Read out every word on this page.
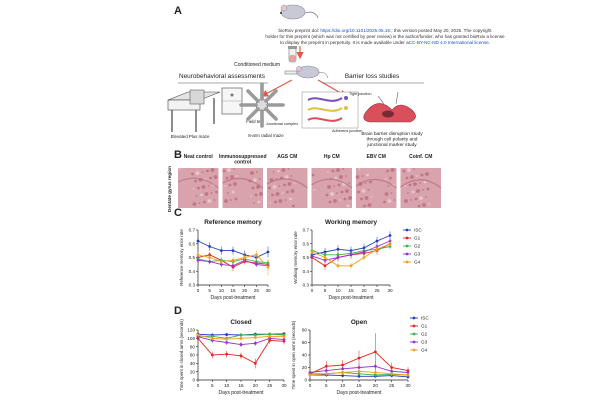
A
bioRxiv preprint doi: https://doi.org/10.1101/2025.05.19.; this version posted May 20, 2025. The copyright
holder for this preprint (which was not certified by peer review) is the author/funder, who has granted bioRxiv a license
to display the preprint in perpetuity. It is made available under aCC-BY-NC-ND 4.0 International license.
Conditioned medium
Neurobehavioral assessments
Elevated Plus maze
Field test
8-arm radial maze
Barrier loss studies
Junctional complex
Tight junction
Adherens junction
Brain barrier disruption study through cell polarity and junctional marker study
B
Dentate gyrus region
Neat control Immunosuppressed control
AGS CM	Hp CM	EBV CM	Coinf. CM
C
Reference memory
0.3
0.4
0.5
0.6
0.7
0 5 10 15 20 25 30
Days post-treatment
Reference memory error rate
Working memory
0.3
0.4
0.5
0.6
0.7
0 5 10 15 20 25 30
Days post-treatment
Working memory error rate
ISC
G1
G2
G3
G4
D
Closed
0
20
40
60
80
100
120
0	5 10 15 20 25 30
Days post-treatment
Time spent in closed arms (seconds)	Open
0
20
40
60
80
0	5	10 15 20 25 30
Days post-treatment
Time spent in open arms (seconds)
ISC
G1
G2
G3
G4
